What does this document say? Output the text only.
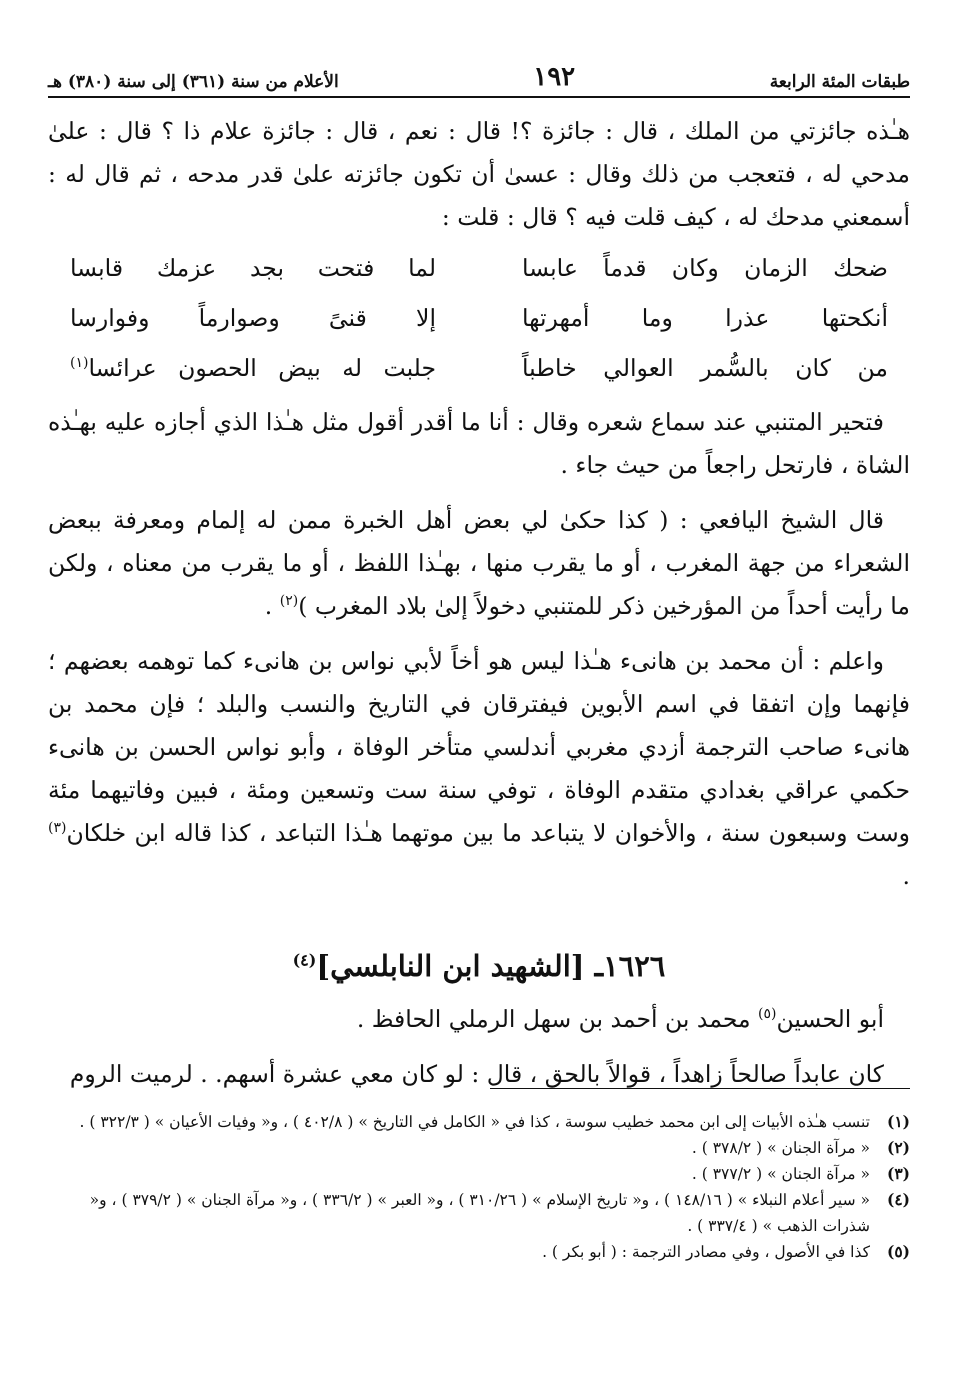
طبقات المئة الرابعة
١٩٢
الأعلام من سنة (٣٦١) إلى سنة (٣٨٠) هـ

هـٰذه جائزتي من الملك ، قال : جائزة ؟! قال : نعم ، قال : جائزة علام ذا ؟ قال : علىٰ مدحي له ، فتعجب من ذلك وقال : عسىٰ أن تكون جائزته علىٰ قدر مدحه ، ثم قال له : أسمعني مدحك له ، كيف قلت فيه ؟ قال : قلت :

ضحك الزمان وكان قدماً عابسا
لما فتحت بجد عزمك قابسا
أنكحتها عذرا وما أمهرتها
إلا قنىً وصوارماً وفوارسا
من كان بالسُّمر العوالي خاطباً
جلبت له بيض الحصون عرائسا$^{(١)}$

فتحير المتنبي عند سماع شعره وقال : أنا ما أقدر أقول مثل هـٰذا الذي أجازه عليه بهـٰذه الشاة ، فارتحل راجعاً من حيث جاء .

قال الشيخ اليافعي : ( كذا حكىٰ لي بعض أهل الخبرة ممن له إلمام ومعرفة ببعض الشعراء من جهة المغرب ، أو ما يقرب منها ، بهـٰذا اللفظ ، أو ما يقرب من معناه ، ولكن ما رأيت أحداً من المؤرخين ذكر للمتنبي دخولاً إلىٰ بلاد المغرب )$^{(٢)}$ .

واعلم : أن محمد بن هانىء هـٰذا ليس هو أخاً لأبي نواس بن هانىء كما توهمه بعضهم ؛ فإنهما وإن اتفقا في اسم الأبوين فيفترقان في التاريخ والنسب والبلد ؛ فإن محمد بن هانىء صاحب الترجمة أزدي مغربي أندلسي متأخر الوفاة ، وأبو نواس الحسن بن هانىء حكمي عراقي بغدادي متقدم الوفاة ، توفي سنة ست وتسعين ومئة ، فبين وفاتيهما مئة وست وسبعون سنة ، والأخوان لا يتباعد ما بين موتهما هـٰذا التباعد ، كذا قاله ابن خلكان$^{(٣)}$ .

١٦٢٦ـ [الشهيد ابن النابلسي]$^{(٤)}$

أبو الحسين$^{(٥)}$ محمد بن أحمد بن سهل الرملي الحافظ .

كان عابداً صالحاً زاهداً ، قوالاً بالحق ، قال : لو كان معي عشرة أسهم. . لرميت الروم

(١)
تنسب هـٰذه الأبيات إلى ابن محمد خطيب سوسة ، كذا في « الكامل في التاريخ » ( ٤٠٢/٨ ) ، و« وفيات الأعيان » ( ٣٢٢/٣ ) .
(٢)
« مرآة الجنان » ( ٣٧٨/٢ ) .
(٣)
« مرآة الجنان » ( ٣٧٧/٢ ) .
(٤)
« سير أعلام النبلاء » ( ١٤٨/١٦ ) ، و« تاريخ الإسلام » ( ٣١٠/٢٦ ) ، و« العبر » ( ٣٣٦/٢ ) ، و« مرآة الجنان » ( ٣٧٩/٢ ) ، و« شذرات الذهب » ( ٣٣٧/٤ ) .
(٥)
كذا في الأصول ، وفي مصادر الترجمة : ( أبو بكر ) .
